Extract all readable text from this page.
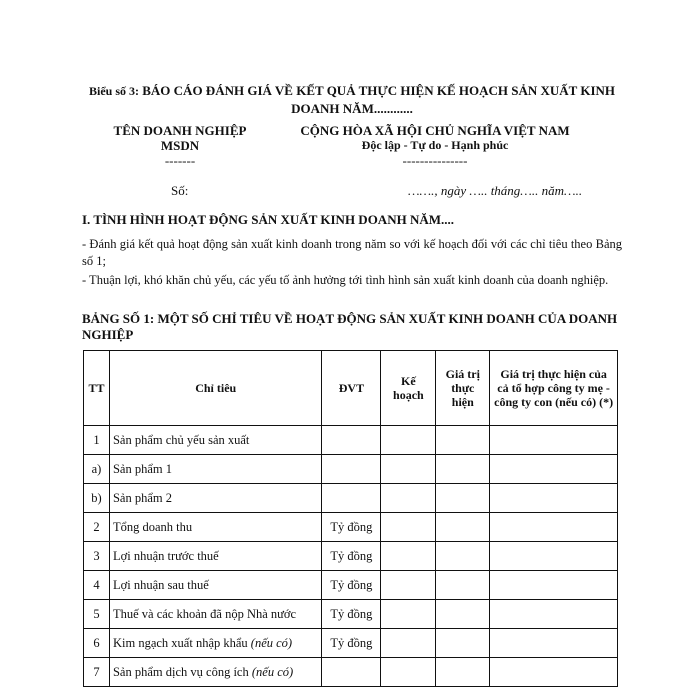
Biểu số 3: BÁO CÁO ĐÁNH GIÁ VỀ KẾT QUẢ THỰC HIỆN KẾ HOẠCH SẢN XUẤT KINH DOANH NĂM............
TÊN DOANH NGHIỆP
MSDN
-------
CỘNG HÒA XÃ HỘI CHỦ NGHĨA VIỆT NAM
Độc lập - Tự do - Hạnh phúc
---------------
Số:	……., ngày ….. tháng….. năm…..
I. TÌNH HÌNH HOẠT ĐỘNG SẢN XUẤT KINH DOANH NĂM....
- Đánh giá kết quả hoạt động sản xuất kinh doanh trong năm so với kế hoạch đối với các chỉ tiêu theo Bảng số 1;
- Thuận lợi, khó khăn chủ yếu, các yếu tố ảnh hưởng tới tình hình sản xuất kinh doanh của doanh nghiệp.
BẢNG SỐ 1: MỘT SỐ CHỈ TIÊU VỀ HOẠT ĐỘNG SẢN XUẤT KINH DOANH CỦA DOANH NGHIỆP
TT	Chỉ tiêu	ĐVT	Kế hoạch	Giá trị thực hiện	Giá trị thực hiện của cả tổ hợp công ty mẹ - công ty con (nếu có) (*)
1	Sản phẩm chủ yếu sản xuất				
a)	Sản phẩm 1				
b)	Sản phẩm 2				
2	Tổng doanh thu	Tỷ đồng			
3	Lợi nhuận trước thuế	Tỷ đồng			
4	Lợi nhuận sau thuế	Tỷ đồng			
5	Thuế và các khoản đã nộp Nhà nước	Tỷ đồng			
6	Kim ngạch xuất nhập khẩu (nếu có)	Tỷ đồng			
7	Sản phẩm dịch vụ công ích (nếu có)				
